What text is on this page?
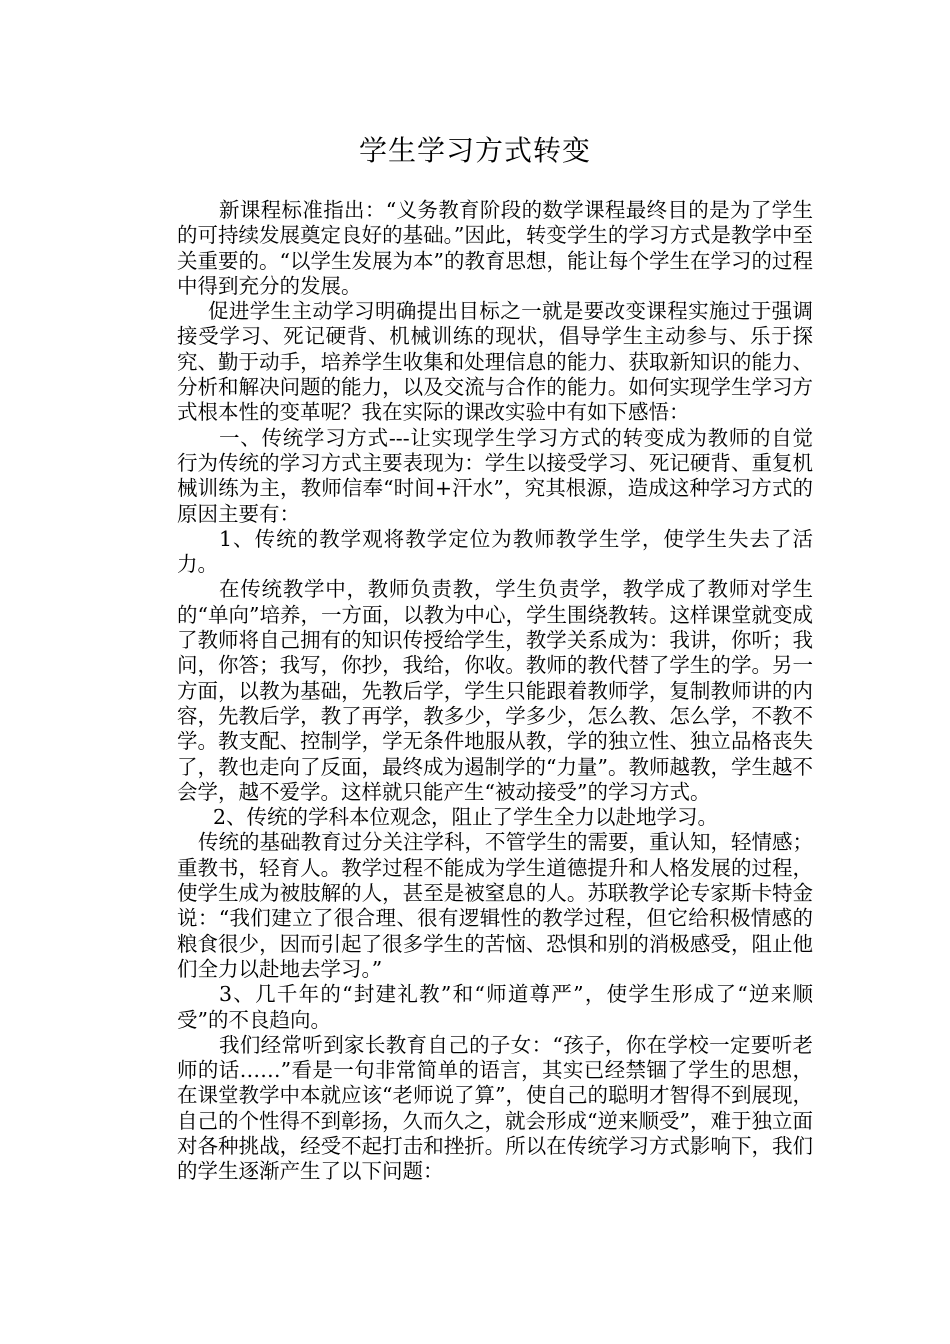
学生学习方式转变

新课程标准指出：“义务教育阶段的数学课程最终目的是为了学生的可持续发展奠定良好的基础。”因此，转变学生的学习方式是教学中至关重要的。“以学生发展为本”的教育思想，能让每个学生在学习的过程中得到充分的发展。

促进学生主动学习明确提出目标之一就是要改变课程实施过于强调接受学习、死记硬背、机械训练的现状，倡导学生主动参与、乐于探究、勤于动手，培养学生收集和处理信息的能力、获取新知识的能力、分析和解决问题的能力，以及交流与合作的能力。如何实现学生学习方式根本性的变革呢？我在实际的课改实验中有如下感悟：

一、传统学习方式---让实现学生学习方式的转变成为教师的自觉行为传统的学习方式主要表现为：学生以接受学习、死记硬背、重复机械训练为主，教师信奉“时间+汗水”，究其根源，造成这种学习方式的原因主要有：

1、传统的教学观将教学定位为教师教学生学，使学生失去了活力。

在传统教学中，教师负责教，学生负责学，教学成了教师对学生的“单向”培养，一方面，以教为中心，学生围绕教转。这样课堂就变成了教师将自己拥有的知识传授给学生，教学关系成为：我讲，你听；我问，你答；我写，你抄，我给，你收。教师的教代替了学生的学。另一方面，以教为基础，先教后学，学生只能跟着教师学，复制教师讲的内容，先教后学，教了再学，教多少，学多少，怎么教、怎么学，不教不学。教支配、控制学，学无条件地服从教，学的独立性、独立品格丧失了，教也走向了反面，最终成为遏制学的“力量”。教师越教，学生越不会学，越不爱学。这样就只能产生“被动接受”的学习方式。

2、传统的学科本位观念，阻止了学生全力以赴地学习。

传统的基础教育过分关注学科，不管学生的需要，重认知，轻情感；重教书，轻育人。教学过程不能成为学生道德提升和人格发展的过程，使学生成为被肢解的人，甚至是被窒息的人。苏联教学论专家斯卡特金说：“我们建立了很合理、很有逻辑性的教学过程，但它给积极情感的粮食很少，因而引起了很多学生的苦恼、恐惧和别的消极感受，阻止他们全力以赴地去学习。”

3、几千年的“封建礼教”和“师道尊严”，使学生形成了“逆来顺受”的不良趋向。

我们经常听到家长教育自己的子女：“孩子，你在学校一定要听老师的话……”看是一句非常简单的语言，其实已经禁锢了学生的思想，在课堂教学中本就应该“老师说了算”，使自己的聪明才智得不到展现，自己的个性得不到彰扬，久而久之，就会形成“逆来顺受”，难于独立面对各种挑战，经受不起打击和挫折。所以在传统学习方式影响下，我们的学生逐渐产生了以下问题：
